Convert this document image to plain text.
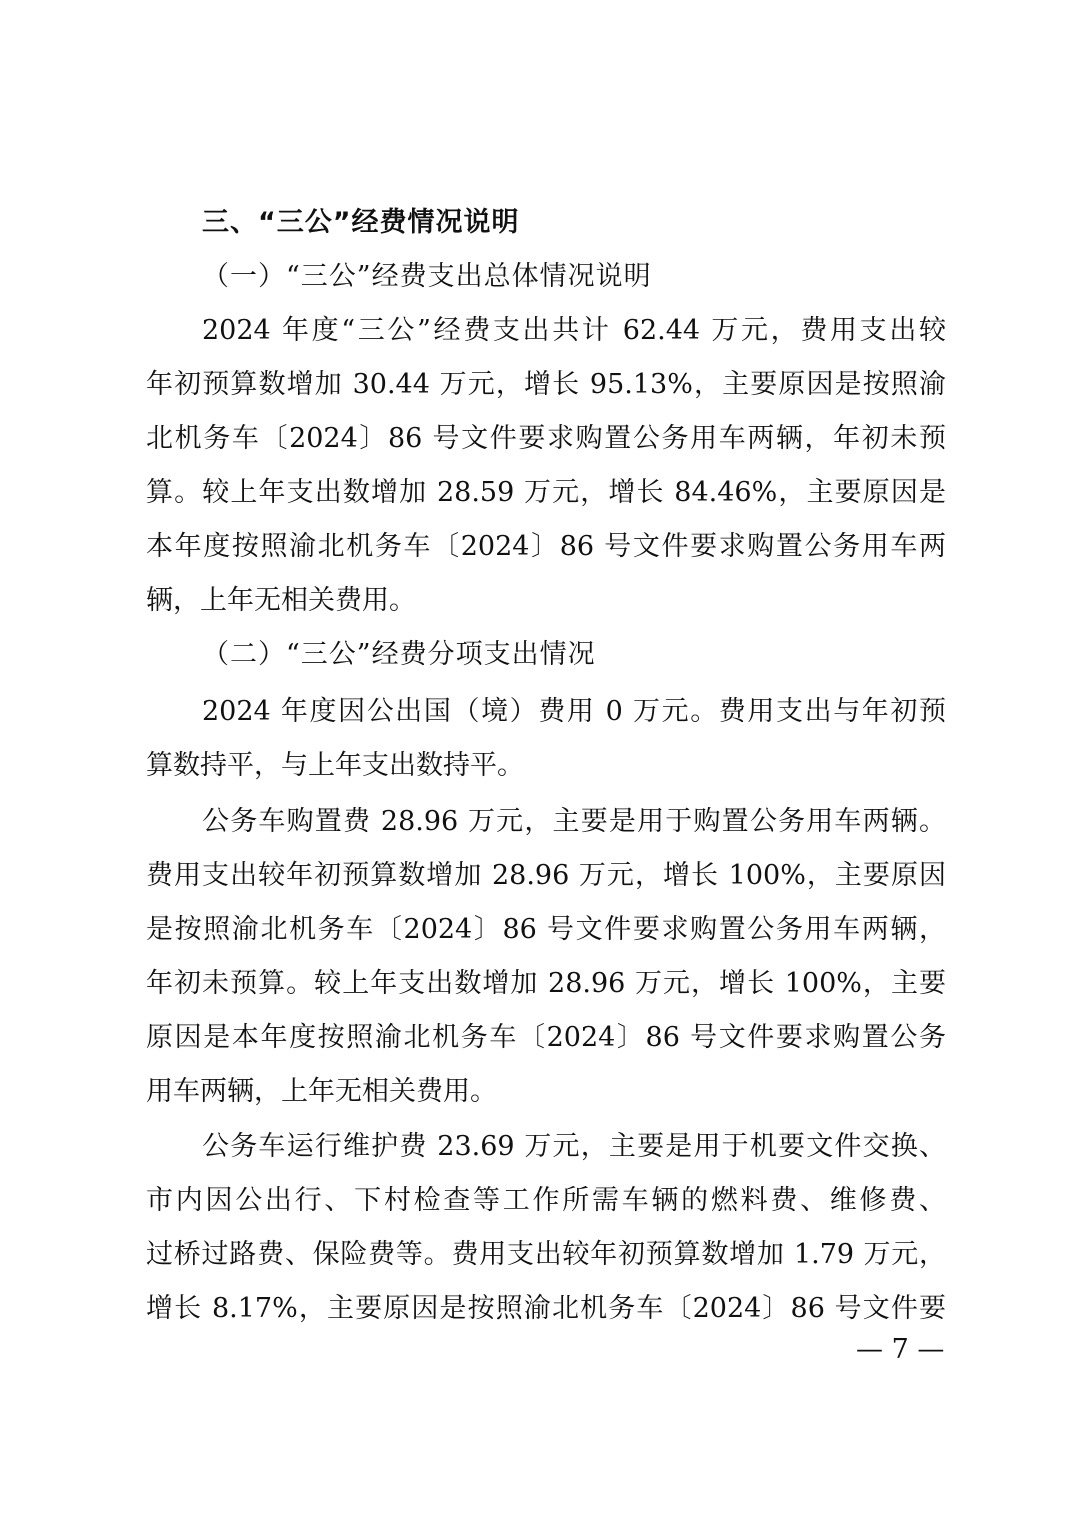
三、“三公”经费情况说明
（一）“三公”经费支出总体情况说明
2024 年度“三公”经费支出共计 62.44 万元，费用支出较
年初预算数增加 30.44 万元，增长 95.13%，主要原因是按照渝
北机务车〔2024〕86 号文件要求购置公务用车两辆，年初未预
算。较上年支出数增加 28.59 万元，增长 84.46%，主要原因是
本年度按照渝北机务车〔2024〕86 号文件要求购置公务用车两
辆，上年无相关费用。
（二）“三公”经费分项支出情况
2024 年度因公出国（境）费用 0 万元。费用支出与年初预
算数持平，与上年支出数持平。
公务车购置费 28.96 万元，主要是用于购置公务用车两辆。
费用支出较年初预算数增加 28.96 万元，增长 100%，主要原因
是按照渝北机务车〔2024〕86 号文件要求购置公务用车两辆，
年初未预算。较上年支出数增加 28.96 万元，增长 100%，主要
原因是本年度按照渝北机务车〔2024〕86 号文件要求购置公务
用车两辆，上年无相关费用。
公务车运行维护费 23.69 万元，主要是用于机要文件交换、
市内因公出行、下村检查等工作所需车辆的燃料费、维修费、
过桥过路费、保险费等。费用支出较年初预算数增加 1.79 万元，
增长 8.17%，主要原因是按照渝北机务车〔2024〕86 号文件要
— 7 —
